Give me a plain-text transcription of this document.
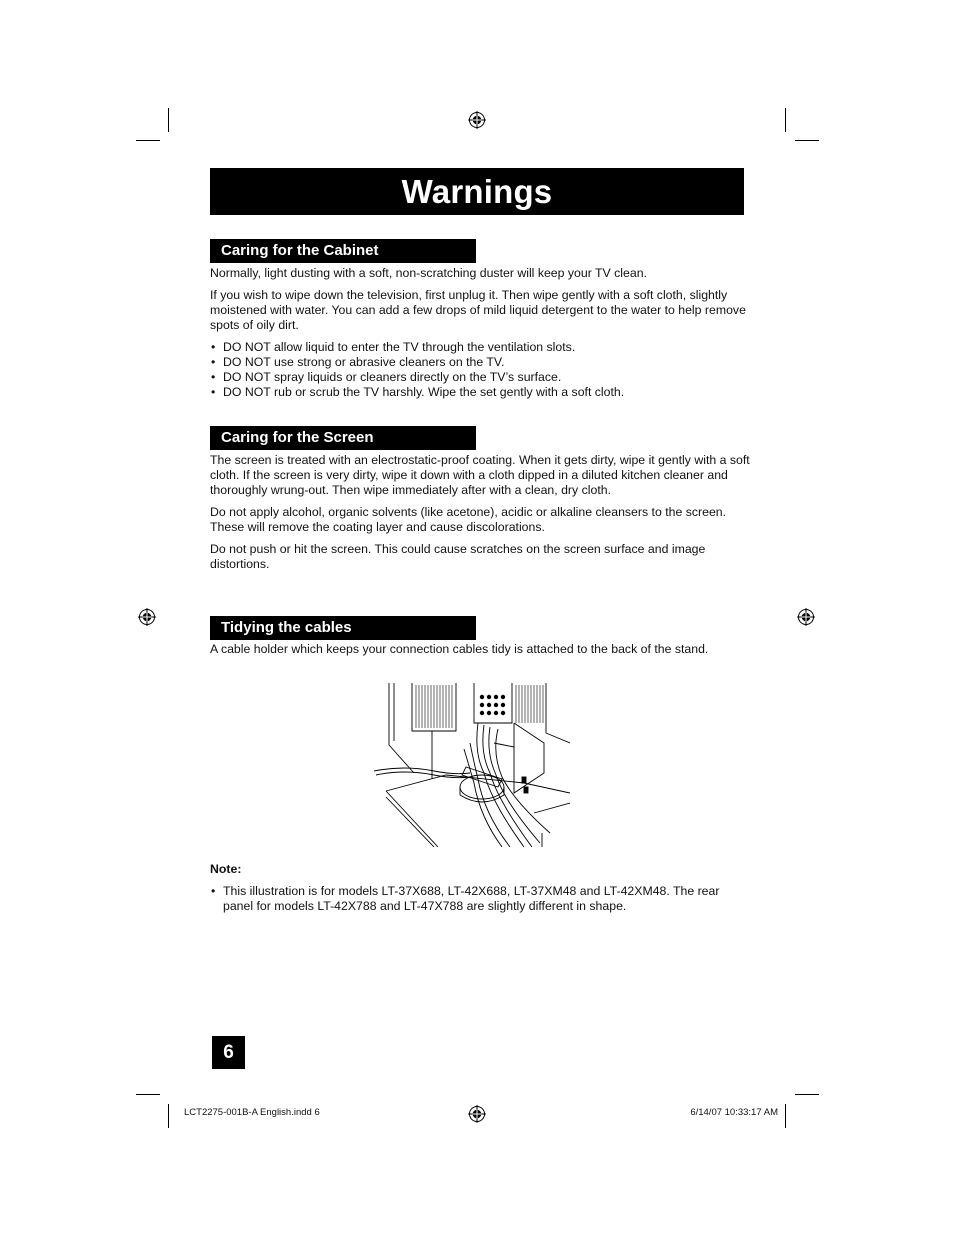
Warnings
Caring for the Cabinet

Normally, light dusting with a soft, non-scratching duster will keep your TV clean.

If you wish to wipe down the television, first unplug it. Then wipe gently with a soft cloth, slightly moistened with water. You can add a few drops of mild liquid detergent to the water to help remove spots of oily dirt.

• DO NOT allow liquid to enter the TV through the ventilation slots.
• DO NOT use strong or abrasive cleaners on the TV.
• DO NOT spray liquids or cleaners directly on the TV’s surface.
• DO NOT rub or scrub the TV harshly. Wipe the set gently with a soft cloth.
Caring for the Screen

The screen is treated with an electrostatic-proof coating. When it gets dirty, wipe it gently with a soft cloth. If the screen is very dirty, wipe it down with a cloth dipped in a diluted kitchen cleaner and thoroughly wrung-out. Then wipe immediately after with a clean, dry cloth.

Do not apply alcohol, organic solvents (like acetone), acidic or alkaline cleansers to the screen. These will remove the coating layer and cause discolorations.

Do not push or hit the screen. This could cause scratches on the screen surface and image distortions.

Tidying the cables

A cable holder which keeps your connection cables tidy is attached to the back of the stand.

Note:
• This illustration is for models LT-37X688, LT-42X688, LT-37XM48 and LT-42XM48. The rear panel for models LT-42X788 and LT-47X788 are slightly different in shape.
6
LCT2275-001B-A English.indd 6	6/14/07 10:33:17 AM
